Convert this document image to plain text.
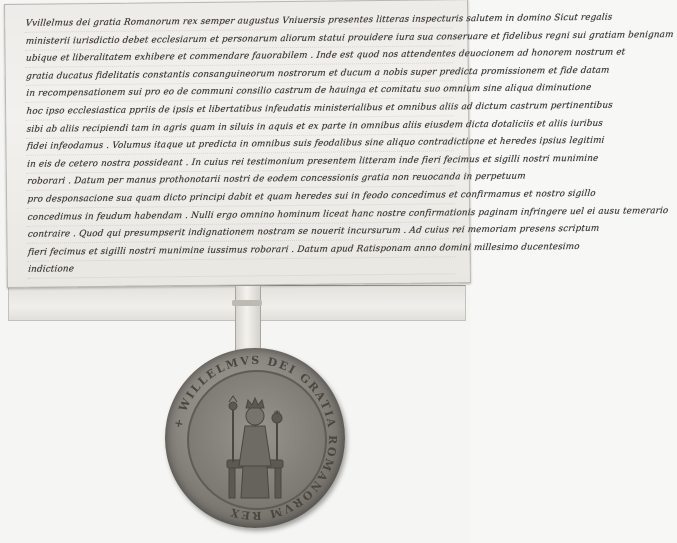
Vvillelmus dei gratia Romanorum rex semper augustus Vniuersis presentes litteras inspecturis salutem in domino Sicut regalis
ministerii iurisdictio debet ecclesiarum et personarum aliorum statui prouidere iura sua conseruare et fidelibus regni sui gratiam benignam
ubique et liberalitatem exhibere et commendare fauorabilem . Inde est quod nos attendentes deuocionem ad honorem nostrum et
gratia ducatus fidelitatis constantis consanguineorum nostrorum et ducum a nobis super predicta promissionem et fide datam
in recompensationem sui pro eo de communi consilio castrum de hauinga et comitatu suo omnium sine aliqua diminutione
hoc ipso ecclesiastica ppriis de ipsis et libertatibus infeudatis ministerialibus et omnibus aliis ad dictum castrum pertinentibus
sibi ab aliis recipiendi tam in agris quam in siluis in aquis et ex parte in omnibus aliis eiusdem dicta dotaliciis et aliis iuribus
fidei infeodamus . Volumus itaque ut predicta in omnibus suis feodalibus sine aliquo contradictione et heredes ipsius legitimi
in eis de cetero nostra possideant . In cuius rei testimonium presentem litteram inde fieri fecimus et sigilli nostri munimine
roborari . Datum per manus prothonotarii nostri de eodem concessionis gratia non reuocanda in perpetuum
pro desponsacione sua quam dicto principi dabit et quam heredes sui in feodo concedimus et confirmamus et nostro sigillo
concedimus in feudum habendam . Nulli ergo omnino hominum liceat hanc nostre confirmationis paginam infringere uel ei ausu temerario
contraire . Quod qui presumpserit indignationem nostram se nouerit incursurum . Ad cuius rei memoriam presens scriptum
fieri fecimus et sigilli nostri munimine iussimus roborari . Datum apud Ratisponam anno domini millesimo ducentesimo
indictione
+ WILLELMVS DEI GRATIA ROMANORVM REX
